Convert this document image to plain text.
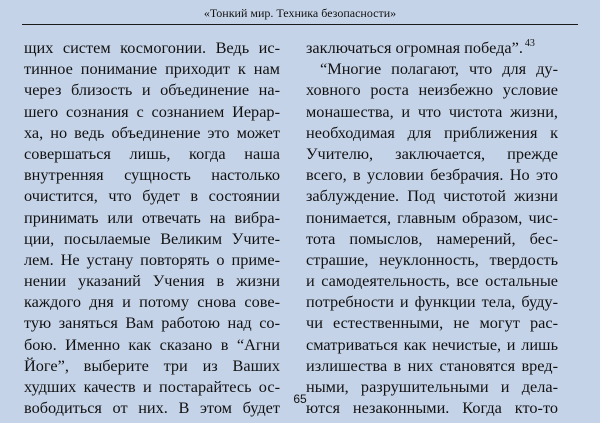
«Тонкий мир. Техника безопасности»
щих систем космогонии. Ведь ис-
тинное понимание приходит к нам
через близость и объединение на-
шего сознания с сознанием Иерар-
ха, но ведь объединение это может
совершаться лишь, когда наша
внутренняя сущность настолько
очистится, что будет в состоянии
принимать или отвечать на вибра-
ции, посылаемые Великим Учите-
лем. Не устану повторять о приме-
нении указаний Учения в жизни
каждого дня и потому снова сове-
тую заняться Вам работою над со-
бою. Именно как сказано в “Агни
Йоге”, выберите три из Ваших
худших качеств и постарайтесь ос-
вободиться от них. В этом будет
заключаться огромная победа”. $^{43}$
“Многие полагают, что для ду-
ховного роста неизбежно условие
монашества, и что чистота жизни,
необходимая для приближения к
Учителю, заключается, прежде
всего, в условии безбрачия. Но это
заблуждение. Под чистотой жизни
понимается, главным образом, чис-
тота помыслов, намерений, бес-
страшие, неуклонность, твердость
и самодеятельность, все остальные
потребности и функции тела, буду-
чи естественными, не могут рас-
сматриваться как нечистые, и лишь
излишества в них становятся вред-
ными, разрушительными и дела-
ются незаконными. Когда кто-то
65
